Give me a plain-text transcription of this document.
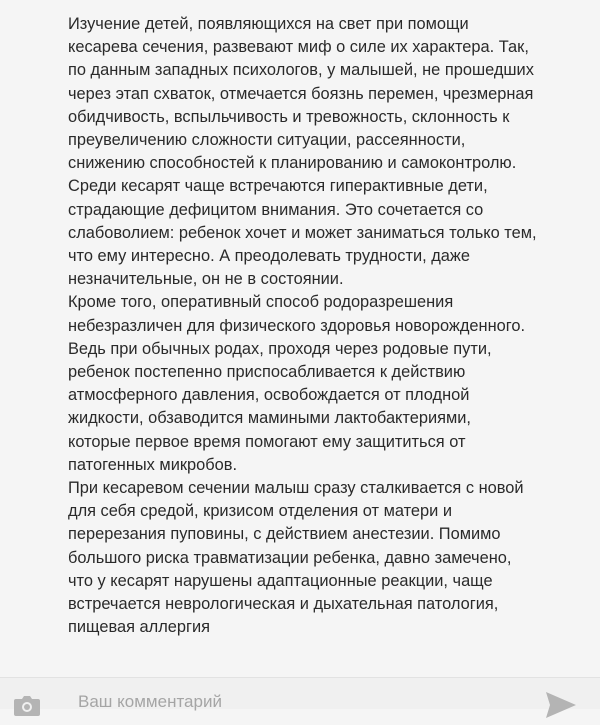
Изучение детей, появляющихся на свет при помощи
кесарева сечения, развевают миф о силе их характера. Так,
по данным западных психологов, у малышей, не прошедших
через этап схваток, отмечается боязнь перемен, чрезмерная
обидчивость, вспыльчивость и тревожность, склонность к
преувеличению сложности ситуации, рассеянности,
снижению способностей к планированию и самоконтролю.
Среди кесарят чаще встречаются гиперактивные дети,
страдающие дефицитом внимания. Это сочетается со
слабоволием: ребенок хочет и может заниматься только тем,
что ему интересно. А преодолевать трудности, даже
незначительные, он не в состоянии.
Кроме того, оперативный способ родоразрешения
небезразличен для физического здоровья новорожденного.
Ведь при обычных родах, проходя через родовые пути,
ребенок постепенно приспосабливается к действию
атмосферного давления, освобождается от плодной
жидкости, обзаводится мамиными лактобактериями,
которые первое время помогают ему защититься от
патогенных микробов.
При кесаревом сечении малыш сразу сталкивается с новой
для себя средой, кризисом отделения от матери и
перерезания пуповины, с действием анестезии. Помимо
большого риска травматизации ребенка, давно замечено,
что у кесарят нарушены адаптационные реакции, чаще
встречается неврологическая и дыхательная патология,
пищевая аллергия
Ваш комментарий
